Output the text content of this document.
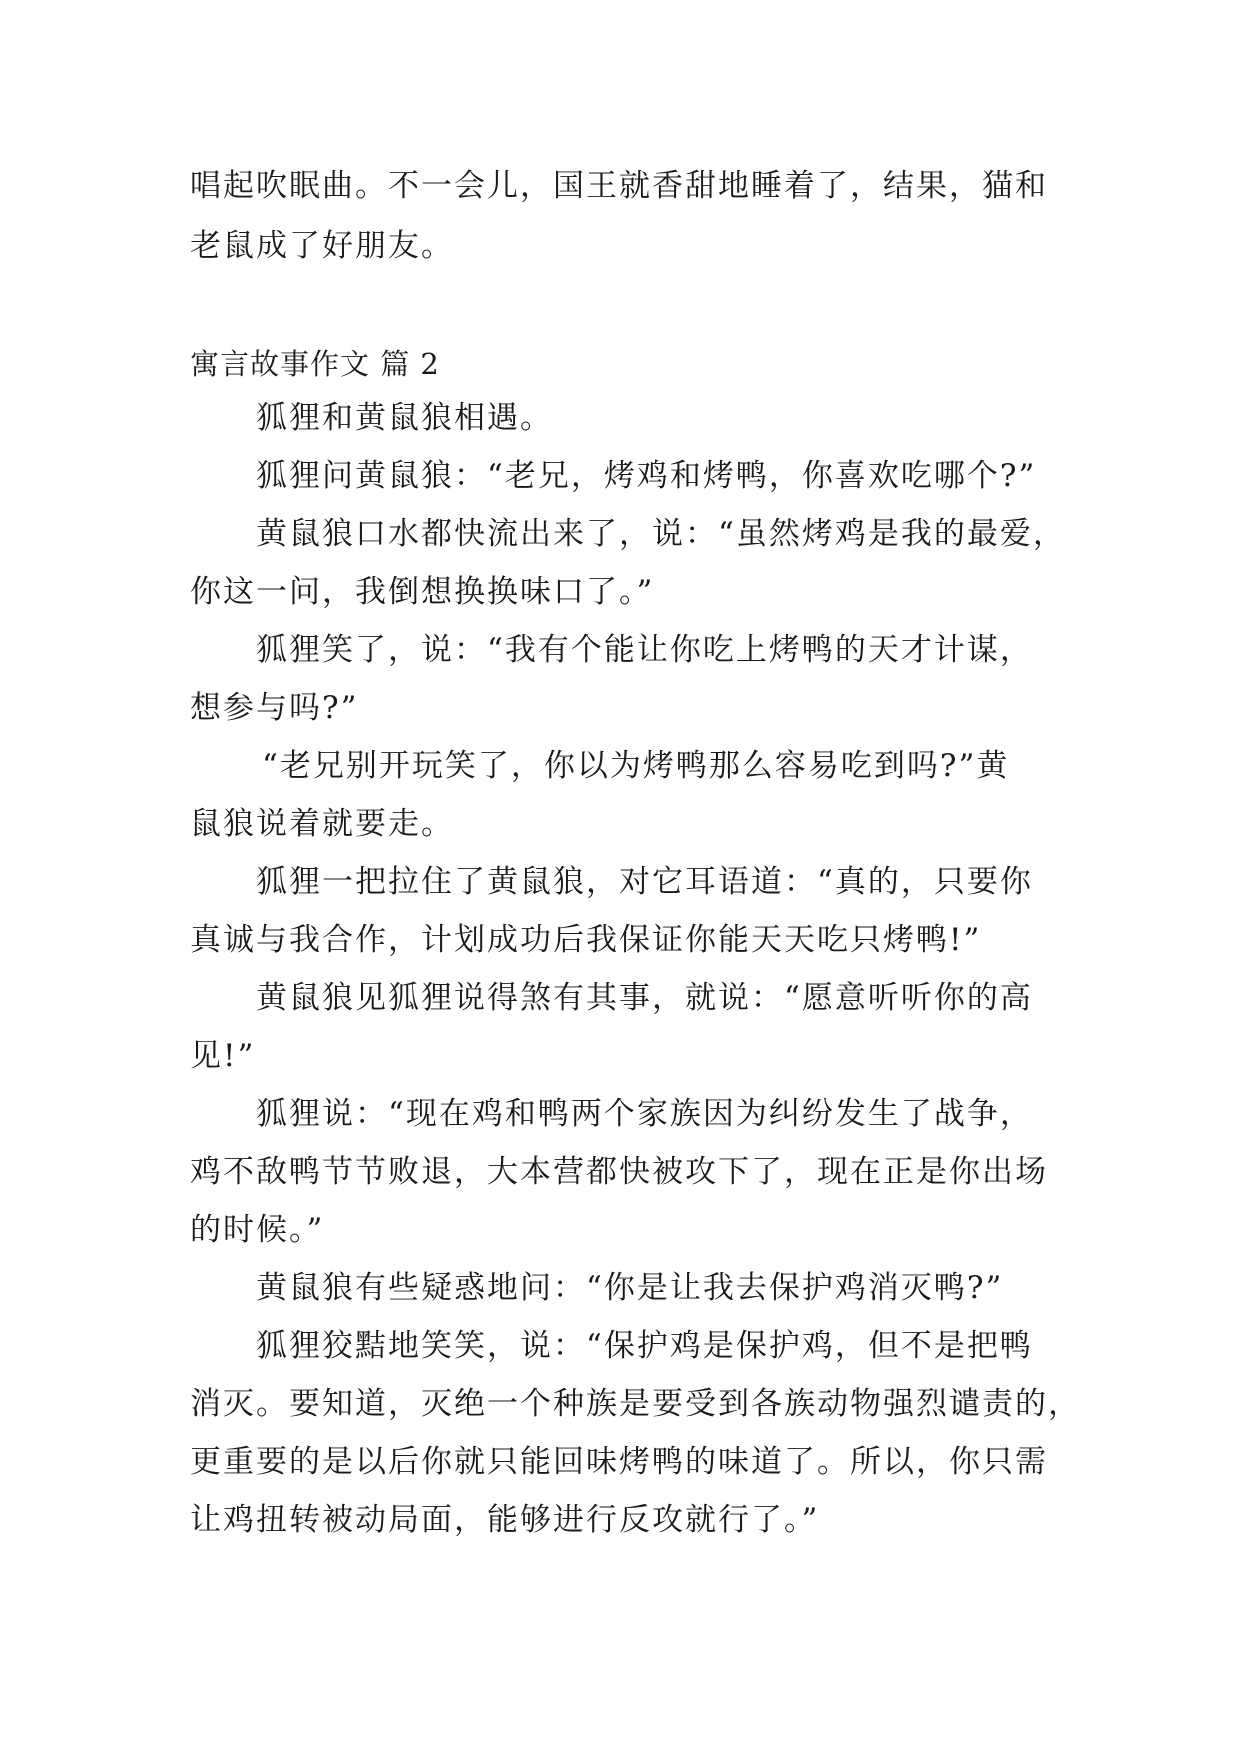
唱起吹眠曲。不一会儿，国王就香甜地睡着了，结果，猫和
老鼠成了好朋友。
寓言故事作文 篇 2
狐狸和黄鼠狼相遇。
狐狸问黄鼠狼：“老兄，烤鸡和烤鸭，你喜欢吃哪个?”
黄鼠狼口水都快流出来了，说：“虽然烤鸡是我的最爱，
你这一问，我倒想换换味口了。”
狐狸笑了，说：“我有个能让你吃上烤鸭的天才计谋，
想参与吗?”
“老兄别开玩笑了，你以为烤鸭那么容易吃到吗?”黄
鼠狼说着就要走。
狐狸一把拉住了黄鼠狼，对它耳语道：“真的，只要你
真诚与我合作，计划成功后我保证你能天天吃只烤鸭!”
黄鼠狼见狐狸说得煞有其事，就说：“愿意听听你的高
见!”
狐狸说：“现在鸡和鸭两个家族因为纠纷发生了战争，
鸡不敌鸭节节败退，大本营都快被攻下了，现在正是你出场
的时候。”
黄鼠狼有些疑惑地问：“你是让我去保护鸡消灭鸭?”
狐狸狡黠地笑笑，说：“保护鸡是保护鸡，但不是把鸭
消灭。要知道，灭绝一个种族是要受到各族动物强烈谴责的，
更重要的是以后你就只能回味烤鸭的味道了。所以，你只需
让鸡扭转被动局面，能够进行反攻就行了。”
